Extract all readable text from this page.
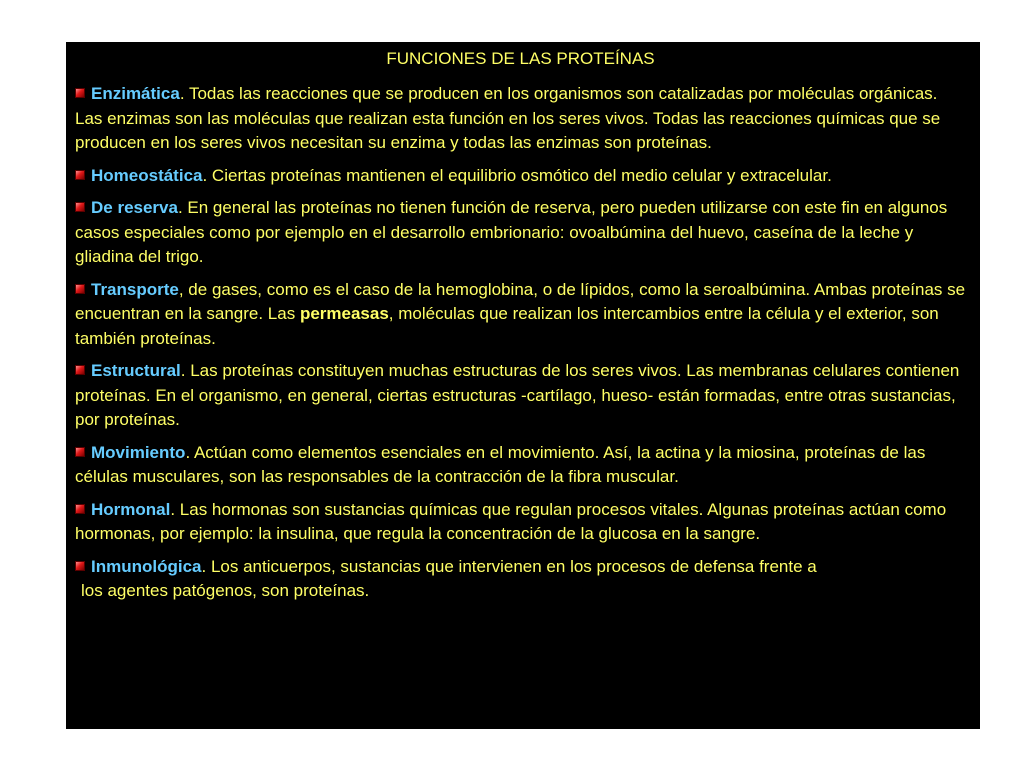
FUNCIONES DE LAS PROTEÍNAS
Enzimática. Todas las reacciones que se producen en los organismos son catalizadas por moléculas orgánicas. Las enzimas son las moléculas que realizan esta función en los seres vivos. Todas las reacciones químicas que se producen en los seres vivos necesitan su enzima y todas las enzimas son proteínas.
Homeostática. Ciertas proteínas mantienen el equilibrio osmótico del medio celular y extracelular.
De reserva. En general las proteínas no tienen función de reserva, pero pueden utilizarse con este fin en algunos casos especiales como por ejemplo en el desarrollo embrionario: ovoalbúmina del huevo, caseína de la leche y gliadina del trigo.
Transporte, de gases, como es el caso de la hemoglobina, o de lípidos, como la seroalbúmina. Ambas proteínas se encuentran en la sangre. Las permeasas, moléculas que realizan los intercambios entre la célula y el exterior, son también proteínas.
Estructural. Las proteínas constituyen muchas estructuras de los seres vivos. Las membranas celulares contienen proteínas. En el organismo, en general, ciertas estructuras -cartílago, hueso- están formadas, entre otras sustancias, por proteínas.
Movimiento. Actúan como elementos esenciales en el movimiento. Así, la actina y la miosina, proteínas de las células musculares, son las responsables de la contracción de la fibra muscular.
Hormonal. Las hormonas son sustancias químicas que regulan procesos vitales. Algunas proteínas actúan como hormonas, por ejemplo: la insulina, que regula la concentración de la glucosa en la sangre.
Inmunológica. Los anticuerpos, sustancias que intervienen en los procesos de defensa frente a
los agentes patógenos, son proteínas.
